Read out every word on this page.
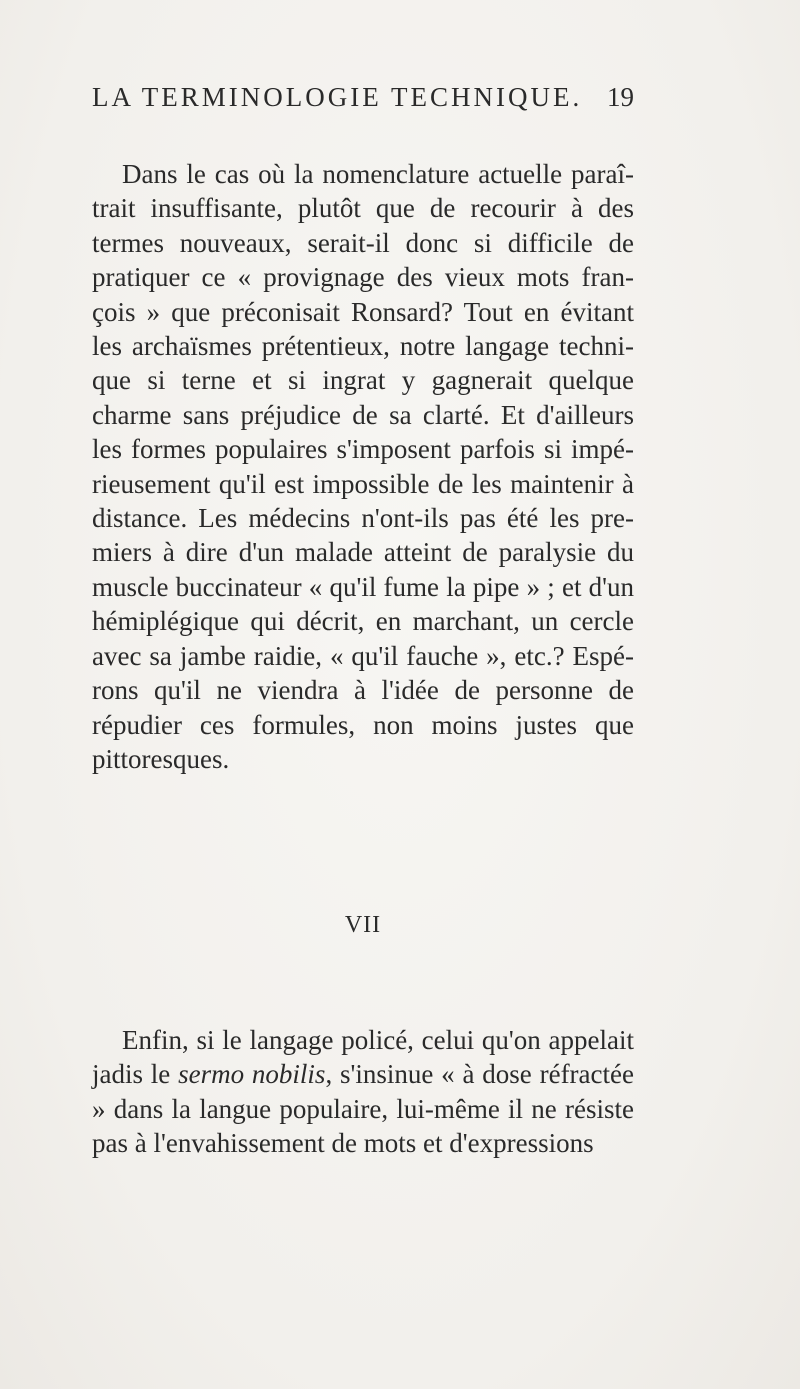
LA TERMINOLOGIE TECHNIQUE. 19

Dans le cas où la nomenclature actuelle paraî-trait insuffisante, plutôt que de recourir à des termes nouveaux, serait-il donc si difficile de pratiquer ce « provignage des vieux mots fran-çois » que préconisait Ronsard? Tout en évitant les archaïsmes prétentieux, notre langage techni-que si terne et si ingrat y gagnerait quelque charme sans préjudice de sa clarté. Et d'ailleurs les formes populaires s'imposent parfois si impé-rieusement qu'il est impossible de les maintenir à distance. Les médecins n'ont-ils pas été les pre-miers à dire d'un malade atteint de paralysie du muscle buccinateur « qu'il fume la pipe » ; et d'un hémiplégique qui décrit, en marchant, un cercle avec sa jambe raidie, « qu'il fauche », etc.? Espé-rons qu'il ne viendra à l'idée de personne de répudier ces formules, non moins justes que pittoresques.

VII

Enfin, si le langage policé, celui qu'on appelait jadis le sermo nobilis, s'insinue « à dose réfractée » dans la langue populaire, lui-même il ne résiste pas à l'envahissement de mots et d'expressions
